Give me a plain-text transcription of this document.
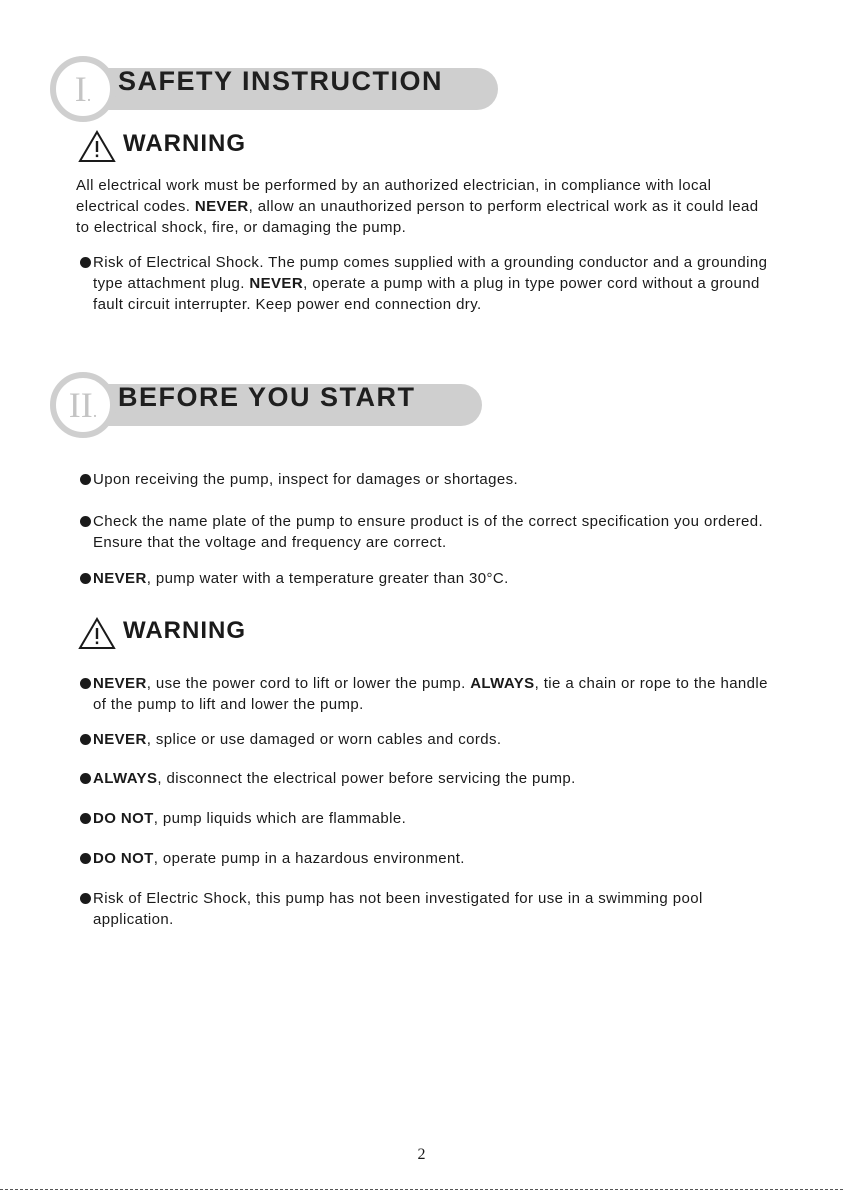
I. SAFETY INSTRUCTION
WARNING

All electrical work must be performed by an authorized electrician, in compliance with local electrical codes. NEVER, allow an unauthorized person to perform electrical work as it could lead to electrical shock, fire, or damaging the pump.

Risk of Electrical Shock. The pump comes supplied with a grounding conductor and a grounding type attachment plug. NEVER, operate a pump with a plug in type power cord without a ground fault circuit interrupter. Keep power end connection dry.
II. BEFORE YOU START
Upon receiving the pump, inspect for damages or shortages.
Check the name plate of the pump to ensure product is of the correct specification you ordered. Ensure that the voltage and frequency are correct.
NEVER, pump water with a temperature greater than 30°C.
WARNING
NEVER, use the power cord to lift or lower the pump. ALWAYS, tie a chain or rope to the handle of the pump to lift and lower the pump.
NEVER, splice or use damaged or worn cables and cords.
ALWAYS, disconnect the electrical power before servicing the pump.
DO NOT, pump liquids which are flammable.
DO NOT, operate pump in a hazardous environment.
Risk of Electric Shock, this pump has not been investigated for use in a swimming pool application.
2
